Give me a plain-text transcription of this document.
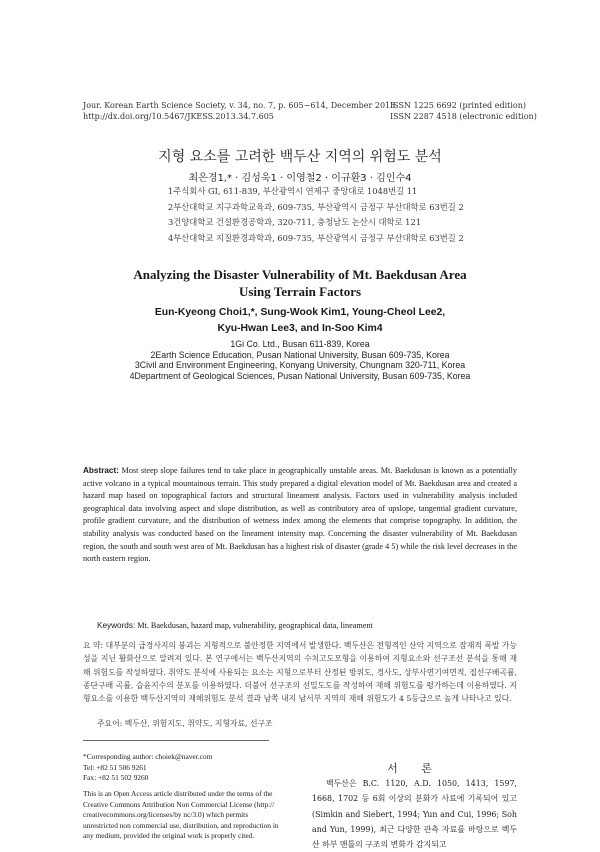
Jour. Korean Earth Science Society, v. 34, no. 7, p. 605−614, December 2013
http://dx.doi.org/10.5467/JKESS.2013.34.7.605
ISSN 1225 6692 (printed edition)
ISSN 2287 4518 (electronic edition)
지형 요소를 고려한 백두산 지역의 위험도 분석
최은경1,* · 김성욱1 · 이영철2 · 이규환3 · 김인수4
1주식회사 GI, 611-839, 부산광역시 연제구 중앙대로 1048번길 11
2부산대학교 지구과학교육과, 609-735, 부산광역시 금정구 부산대학로 63번길 2
3건양대학교 건설환경공학과, 320-711, 충청남도 논산시 대학로 121
4부산대학교 지질환경과학과, 609-735, 부산광역시 금정구 부산대학로 63번길 2
Analyzing the Disaster Vulnerability of Mt. Baekdusan Area
Using Terrain Factors
Eun-Kyeong Choi1,*, Sung-Wook Kim1, Young-Cheol Lee2,
Kyu-Hwan Lee3, and In-Soo Kim4
1Gi Co. Ltd., Busan 611-839, Korea
2Earth Science Education, Pusan National University, Busan 609-735, Korea
3Civil and Environment Engineering, Konyang University, Chungnam 320-711, Korea
4Department of Geological Sciences, Pusan National University, Busan 609-735, Korea
Abstract: Most steep slope failures tend to take place in geographically unstable areas. Mt. Baekdusan is known as a potentially active volcano in a typical mountainous terrain. This study prepared a digital elevation model of Mt. Baekdusan area and created a hazard map based on topographical factors and structural lineament analysis. Factors used in vulnerability analysis included geographical data involving aspect and slope distribution, as well as contributory area of upslope, tangential gradient curvature, profile gradient curvature, and the distribution of wetness index among the elements that comprise topography. In addition, the stability analysis was conducted based on the lineament intensity map. Concerning the disaster vulnerability of Mt. Baekdusan region, the south and south west area of Mt. Baekdusan has a highest risk of disaster (grade 4 5) while the risk level decreases in the north eastern region.
Keywords: Mt. Baekdusan, hazard map, vulnerability, geographical data, lineament
요 약: 대부분의 급경사지의 붕괴는 지형적으로 불안정한 지역에서 발생한다. 백두산은 전형적인 산악 지역으로 잠재적 폭발 가능성을 지닌 활화산으로 알려져 있다. 본 연구에서는 백두산지역의 수치고도모형을 이용하여 지형요소와 선구조선 분석을 통해 재해 위험도를 작성하였다. 취약도 분석에 사용되는 요소는 지형으로부터 산정된 방위도, 경사도, 상부사면기여면적, 접선구배곡률, 종단구배 곡률, 습윤지수의 분포를 이용하였다. 더불어 선구조의 선밀도도를 작성하여 재해 위험도를 평가하는데 이용하였다. 지형요소를 이용한 백두산지역의 재해위험도 분석 결과 남쪽 내지 남서부 지역의 재해 위험도가 4 5등급으로 높게 나타나고 있다.
주요어: 백두산, 위험지도, 취약도, 지형자료, 선구조
*Corresponding author: choiek@naver.com
Tel: +82 51 506 9261
Fax: +82 51 502 9260
This is an Open Access article distributed under the terms of the Creative Commons Attribution Non Commercial License (http:// creativecommons.org/licenses/by nc/3.0) which permits unrestricted non commercial use, distribution, and reproduction in any medium, provided the original work is properly cited.
서 론
백두산은 B.C. 1120, A.D. 1050, 1413, 1597, 1668, 1702 등 6회 이상의 분화가 사료에 기록되어 있고(Simkin and Siebert, 1994; Yun and Cui, 1996; Soh and Yun, 1999), 최근 다양한 관측 자료를 바탕으로 백두산 하부 맨틀의 구조의 변화가 감지되고
